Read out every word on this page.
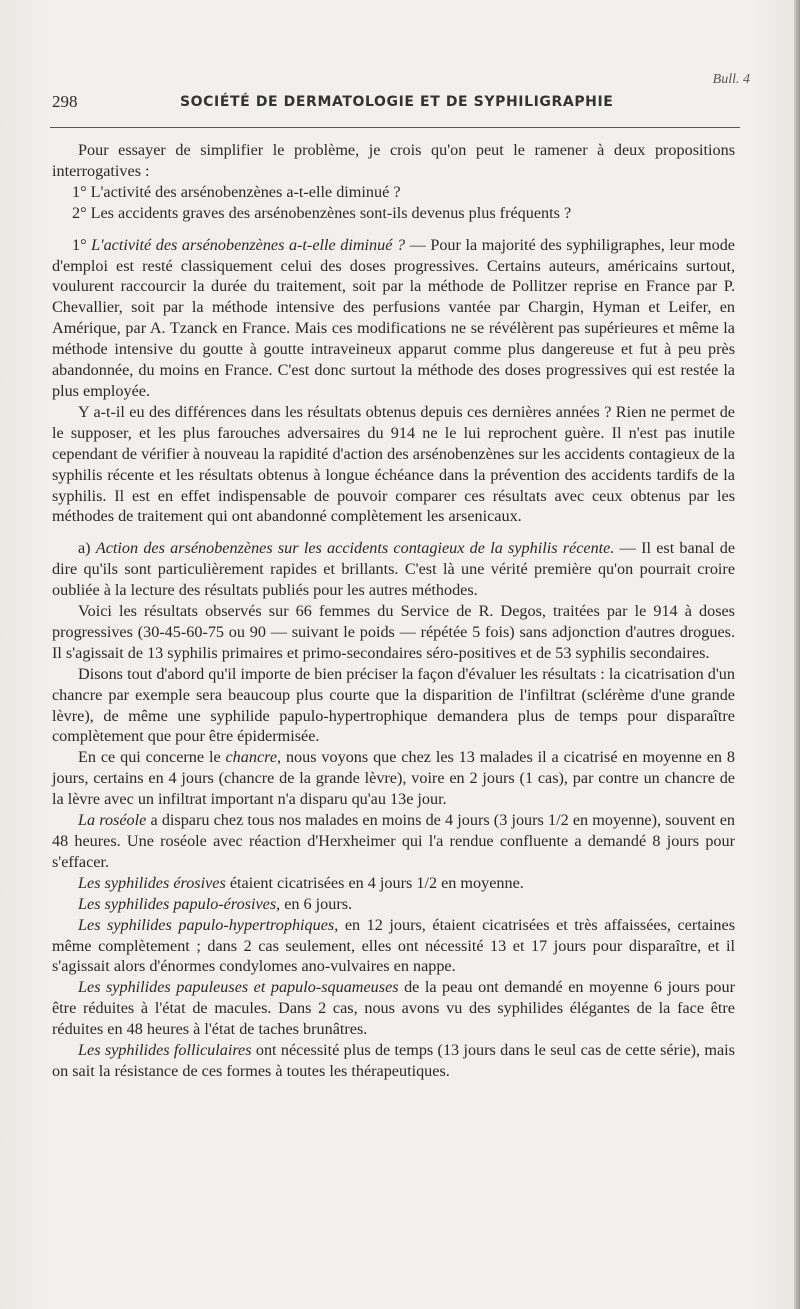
Bull. 4
298	SOCIÉTÉ DE DERMATOLOGIE ET DE SYPHILIGRAPHIE

Pour essayer de simplifier le problème, je crois qu'on peut le ramener à deux propositions interrogatives :

1° L'activité des arsénobenzènes a-t-elle diminué ?

2° Les accidents graves des arsénobenzènes sont-ils devenus plus fréquents ?

1° L'activité des arsénobenzènes a-t-elle diminué ? — Pour la majorité des syphiligraphes, leur mode d'emploi est resté classiquement celui des doses progressives. Certains auteurs, américains surtout, voulurent raccourcir la durée du traitement, soit par la méthode de Pollitzer reprise en France par P. Chevallier, soit par la méthode intensive des perfusions vantée par Chargin, Hyman et Leifer, en Amérique, par A. Tzanck en France. Mais ces modifications ne se révélèrent pas supérieures et même la méthode intensive du goutte à goutte intraveineux apparut comme plus dangereuse et fut à peu près abandonnée, du moins en France. C'est donc surtout la méthode des doses progressives qui est restée la plus employée.

Y a-t-il eu des différences dans les résultats obtenus depuis ces dernières années ? Rien ne permet de le supposer, et les plus farouches adversaires du 914 ne le lui reprochent guère. Il n'est pas inutile cependant de vérifier à nouveau la rapidité d'action des arsénobenzènes sur les accidents contagieux de la syphilis récente et les résultats obtenus à longue échéance dans la prévention des accidents tardifs de la syphilis. Il est en effet indispensable de pouvoir comparer ces résultats avec ceux obtenus par les méthodes de traitement qui ont abandonné complètement les arsenicaux.

a) Action des arsénobenzènes sur les accidents contagieux de la syphilis récente. — Il est banal de dire qu'ils sont particulièrement rapides et brillants. C'est là une vérité première qu'on pourrait croire oubliée à la lecture des résultats publiés pour les autres méthodes.

Voici les résultats observés sur 66 femmes du Service de R. Degos, traitées par le 914 à doses progressives (30-45-60-75 ou 90 — suivant le poids — répétée 5 fois) sans adjonction d'autres drogues. Il s'agissait de 13 syphilis primaires et primo-secondaires séro-positives et de 53 syphilis secondaires.

Disons tout d'abord qu'il importe de bien préciser la façon d'évaluer les résultats : la cicatrisation d'un chancre par exemple sera beaucoup plus courte que la disparition de l'infiltrat (sclérème d'une grande lèvre), de même une syphilide papulo-hypertrophique demandera plus de temps pour disparaître complètement que pour être épidermisée.

En ce qui concerne le chancre, nous voyons que chez les 13 malades il a cicatrisé en moyenne en 8 jours, certains en 4 jours (chancre de la grande lèvre), voire en 2 jours (1 cas), par contre un chancre de la lèvre avec un infiltrat important n'a disparu qu'au 13e jour.

La roséole a disparu chez tous nos malades en moins de 4 jours (3 jours 1/2 en moyenne), souvent en 48 heures. Une roséole avec réaction d'Herxheimer qui l'a rendue confluente a demandé 8 jours pour s'effacer.

Les syphilides érosives étaient cicatrisées en 4 jours 1/2 en moyenne.

Les syphilides papulo-érosives, en 6 jours.

Les syphilides papulo-hypertrophiques, en 12 jours, étaient cicatrisées et très affaissées, certaines même complètement ; dans 2 cas seulement, elles ont nécessité 13 et 17 jours pour disparaître, et il s'agissait alors d'énormes condylomes ano-vulvaires en nappe.

Les syphilides papuleuses et papulo-squameuses de la peau ont demandé en moyenne 6 jours pour être réduites à l'état de macules. Dans 2 cas, nous avons vu des syphilides élégantes de la face être réduites en 48 heures à l'état de taches brunâtres.

Les syphilides folliculaires ont nécessité plus de temps (13 jours dans le seul cas de cette série), mais on sait la résistance de ces formes à toutes les thérapeutiques.
